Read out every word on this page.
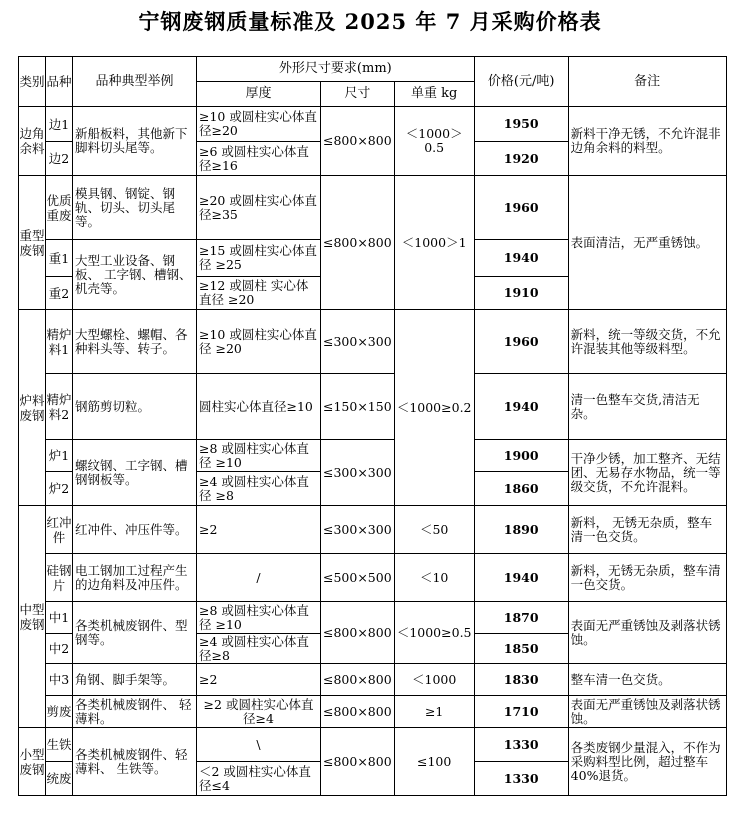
宁钢废钢质量标准及 2025 年 7 月采购价格表
类别	品种	品种典型举例	外形尺寸要求(mm)			价格(元/吨)	备注
			厚度	尺寸	单重 kg		
边角余料	边1	新船板料，其他新下脚料切头尾等。	≥10 或圆柱实心体直径≥20	≤800×800	＜1000＞0.5	1950	新料干净无锈，不允许混非边角余料的料型。
	边2		≥6 或圆柱实心体直径≥16			1920	
重型废钢	优质重废	模具钢、钢锭、钢轨、切头、切头尾等。	≥20 或圆柱实心体直径≥35	≤800×800	＜1000＞1	1960	表面清洁，无严重锈蚀。
	重1	大型工业设备、钢板、 工字钢、槽钢、机壳等。	≥15 或圆柱实心体直径 ≥25			1940	
	重2		≥12 或圆柱 实心体直径 ≥20			1910	
炉料废钢	精炉料1	大型螺栓、螺帽、各种料头等、转子。	≥10 或圆柱实心体直径 ≥20	≤300×300	＜1000≥0.2	1960	新料，统一等级交货，不允许混装其他等级料型。
	精炉料2	钢筋剪切粒。	圆柱实心体直径≥10	≤150×150		1940	清一色整车交货,清洁无杂。
	炉1	螺纹钢、工字钢、槽钢钢板等。	≥8 或圆柱实心体直径 ≥10	≤300×300		1900	干净少锈，加工整齐、无结团、无易存水物品，统一等级交货，不允许混料。
	炉2		≥4 或圆柱实心体直径 ≥8			1860	
中型废钢	红冲件	红冲件、冲压件等。	≥2	≤300×300	＜50	1890	新料， 无锈无杂质，整车清一色交货。
	硅钢片	电工钢加工过程产生的边角料及冲压件。	/	≤500×500	＜10	1940	新料，无锈无杂质，整车清一色交货。
	中1	各类机械废钢件、型钢等。	≥8 或圆柱实心体直径 ≥10	≤800×800	＜1000≥0.5	1870	表面无严重锈蚀及剥落状锈蚀。
	中2		≥4 或圆柱实心体直径≥8			1850	
	中3	角钢、脚手架等。	≥2	≤800×800	＜1000	1830	整车清一色交货。
	剪废	各类机械废钢件、 轻薄料。	≥2 或圆柱实心体直径≥4	≤800×800	≥1	1710	表面无严重锈蚀及剥落状锈蚀。
小型废钢	生铁	各类机械废钢件、轻薄料、 生铁等。	\	≤800×800	≤100	1330	各类废钢少量混入，不作为采购料型比例，超过整车 40%退货。
	统废		＜2 或圆柱实心体直径≤4			1330	
